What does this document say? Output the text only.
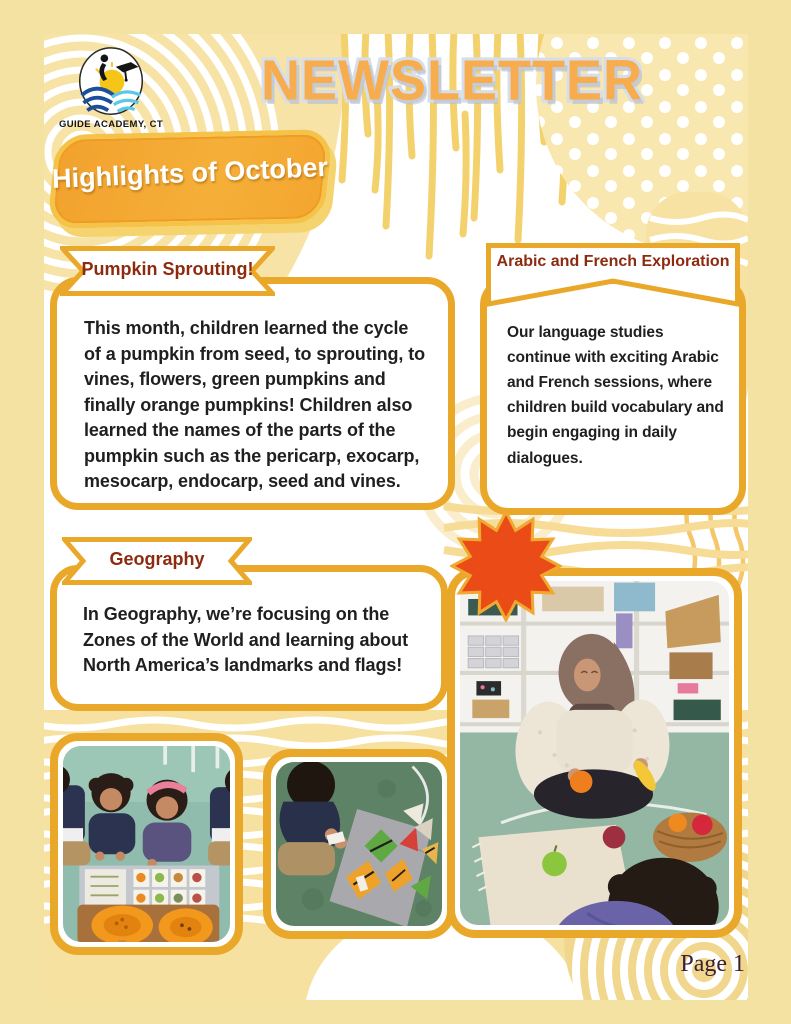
GUIDE ACADEMY, CT
NEWSLETTER
Highlights of October

This month, children learned the cycle of a pumpkin from seed, to sprouting, to vines, flowers, green pumpkins and finally orange pumpkins! Children also learned the names of the parts of the pumpkin such as the pericarp, exocarp, mesocarp, endocarp, seed and vines.

Pumpkin Sprouting!

Our language studies continue with exciting Arabic and French sessions, where children build vocabulary and begin engaging in daily dialogues.

Arabic and French Exploration

In Geography, we’re focusing on the Zones of the World and learning about North America’s landmarks and flags!

Geography
Page 1
